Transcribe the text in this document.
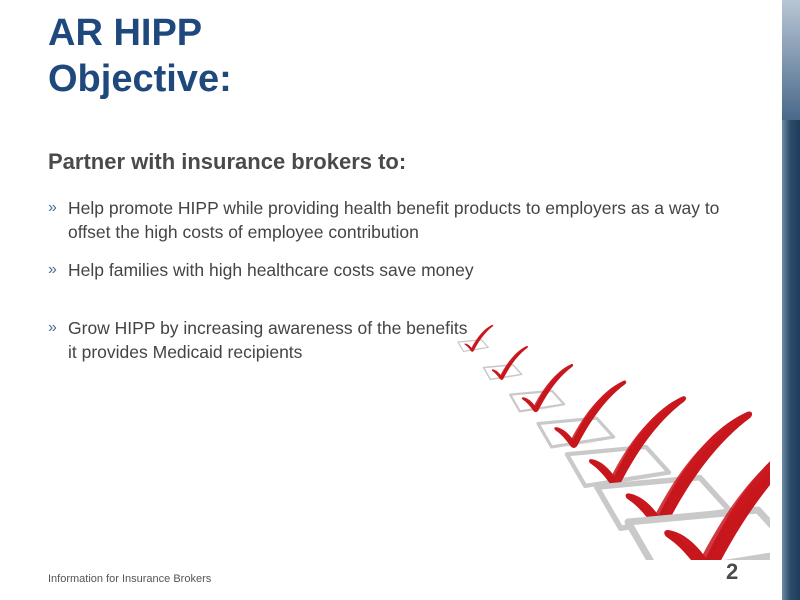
AR HIPP
Objective:
Partner with insurance brokers to:
» Help promote HIPP while providing health benefit products to employers as a way to offset the high costs of employee contribution
» Help families with high healthcare costs save money
» Grow HIPP by increasing awareness of the benefits it provides Medicaid recipients
Information for Insurance Brokers	2
